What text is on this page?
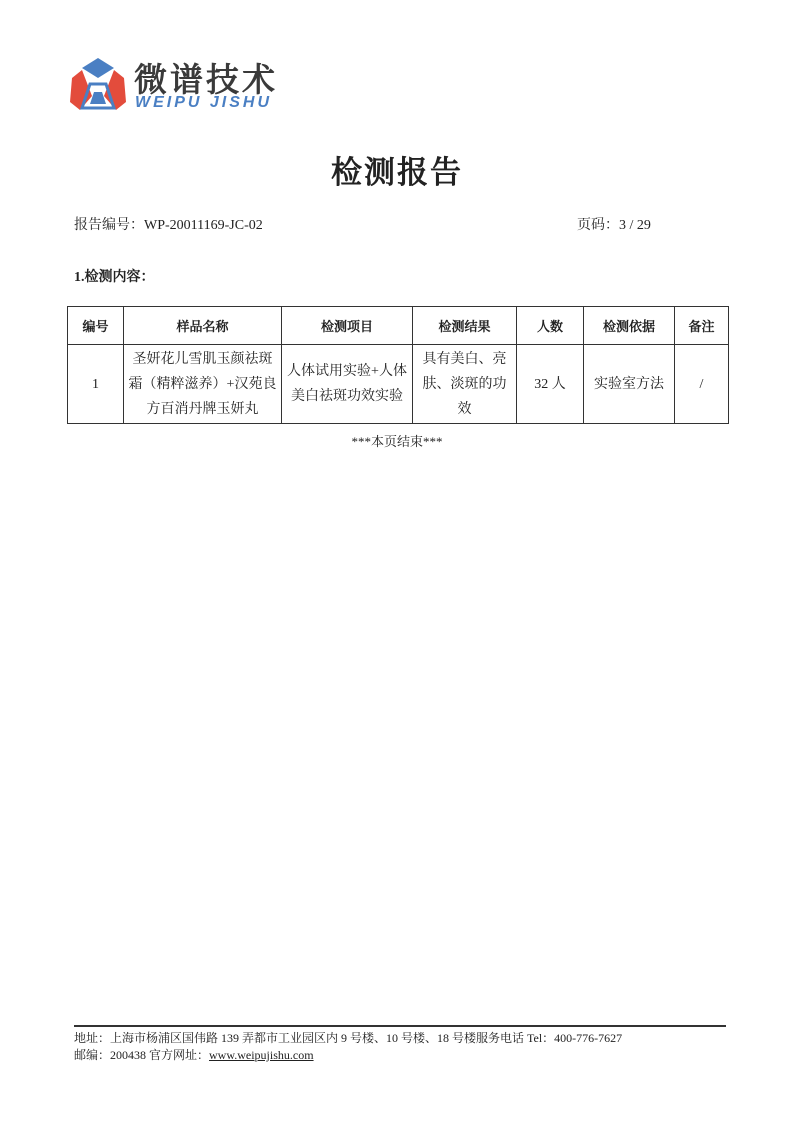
微谱技术
WEIPU JISHU
检测报告
报告编号：WP-20011169-JC-02	页码：3 / 29
1.检测内容：
编号	样品名称	检测项目	检测结果	人数	检测依据	备注
1	圣妍花儿雪肌玉颜祛斑霜（精粹滋养）+汉苑良方百消丹牌玉妍丸	人体试用实验+人体美白祛斑功效实验	具有美白、亮肤、淡斑的功效	32 人	实验室方法	/
***本页结束***
地址：上海市杨浦区国伟路 139 弄都市工业园区内 9 号楼、10 号楼、18 号楼服务电话 Tel：400-776-7627
邮编：200438 官方网址：www.weipujishu.com
